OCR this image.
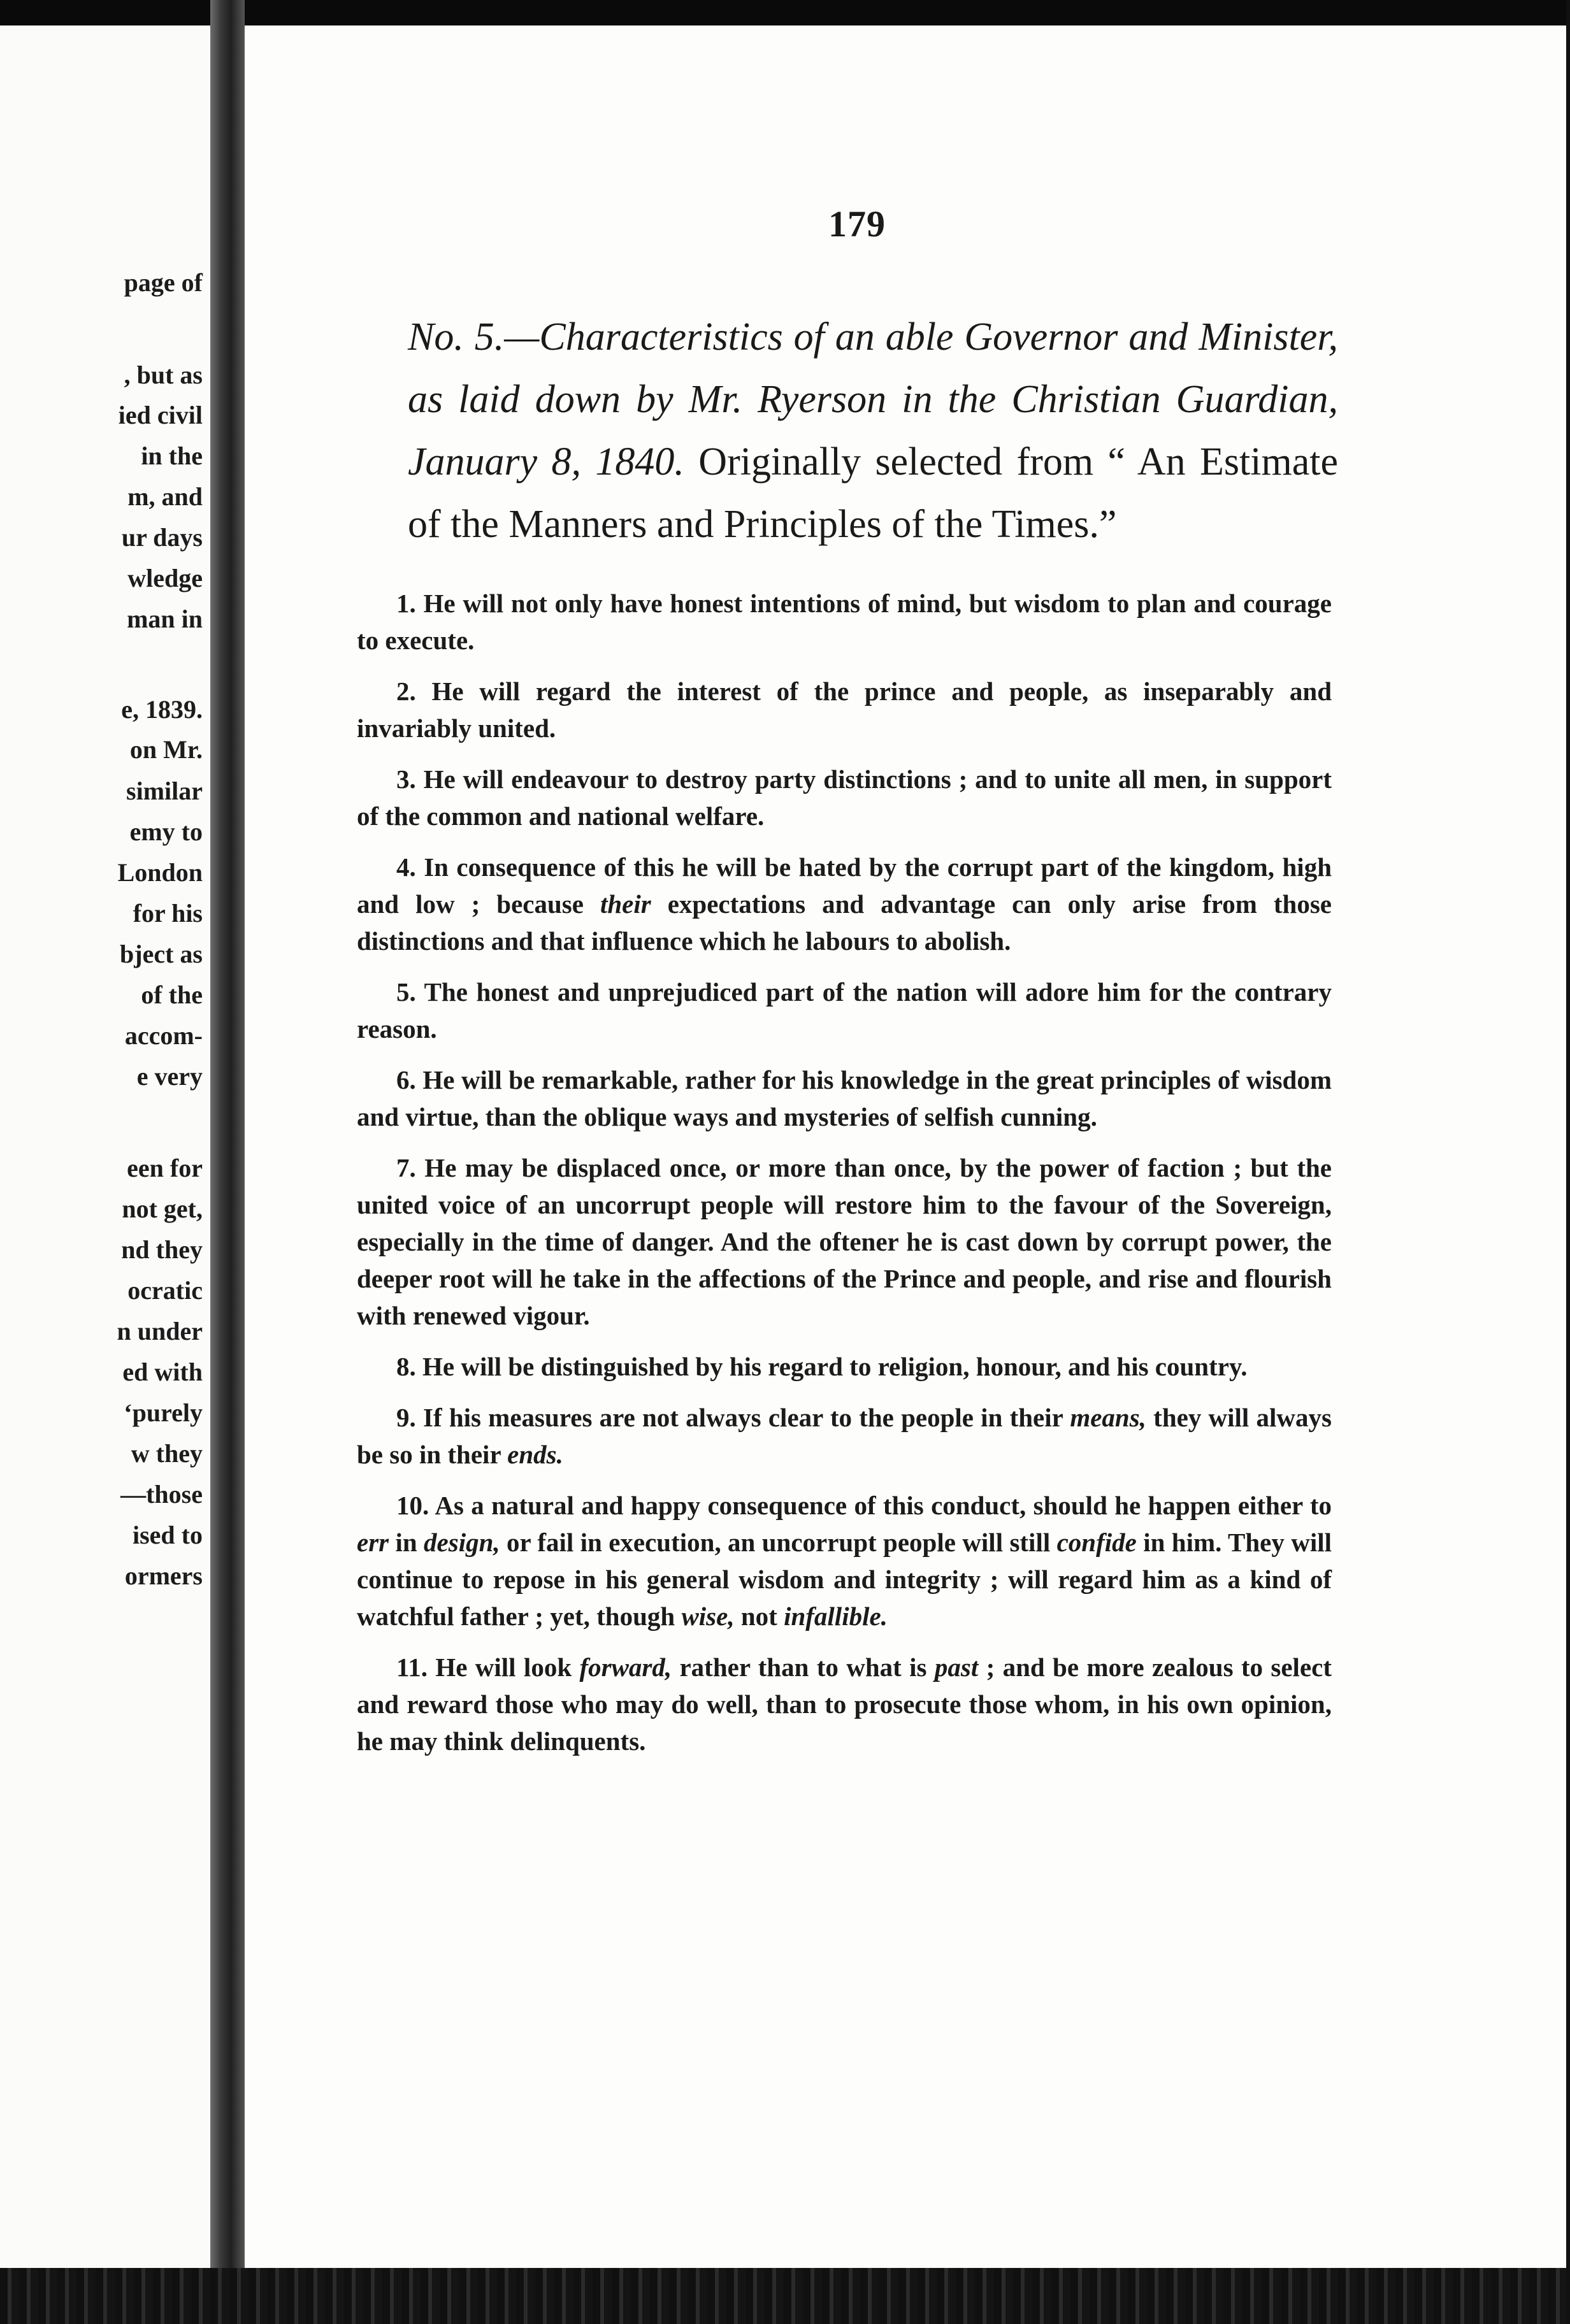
page of
, but as
ied civil
in the
m, and
ur days
wledge
man in
e, 1839.
on Mr.
similar
emy to
London
for his
bject as
of the
accom-
e very
een for
not get,
nd they
ocratic
n under
ed with
‘purely
w they
—those
ised to
ormers
179
No. 5.—Characteristics of an able Governor and Minister, as laid down by Mr. Ryerson in the Christian Guardian, January 8, 1840. Originally selected from “ An Estimate of the Manners and Principles of the Times.”

1. He will not only have honest intentions of mind, but wisdom to plan and courage to execute.

2. He will regard the interest of the prince and people, as inseparably and invariably united.

3. He will endeavour to destroy party distinctions ; and to unite all men, in support of the common and national welfare.

4. In consequence of this he will be hated by the corrupt part of the kingdom, high and low ; because their expectations and advantage can only arise from those distinctions and that influence which he labours to abolish.

5. The honest and unprejudiced part of the nation will adore him for the contrary reason.

6. He will be remarkable, rather for his knowledge in the great principles of wisdom and virtue, than the oblique ways and mysteries of selfish cunning.

7. He may be displaced once, or more than once, by the power of faction ; but the united voice of an uncorrupt people will restore him to the favour of the Sovereign, especially in the time of danger. And the oftener he is cast down by corrupt power, the deeper root will he take in the affections of the Prince and people, and rise and flourish with renewed vigour.

8. He will be distinguished by his regard to religion, honour, and his country.

9. If his measures are not always clear to the people in their means, they will always be so in their ends.

10. As a natural and happy consequence of this conduct, should he happen either to err in design, or fail in execution, an uncorrupt people will still confide in him. They will continue to repose in his general wisdom and integrity ; will regard him as a kind of watchful father ; yet, though wise, not infallible.

11. He will look forward, rather than to what is past ; and be more zealous to select and reward those who may do well, than to prosecute those whom, in his own opinion, he may think delinquents.
